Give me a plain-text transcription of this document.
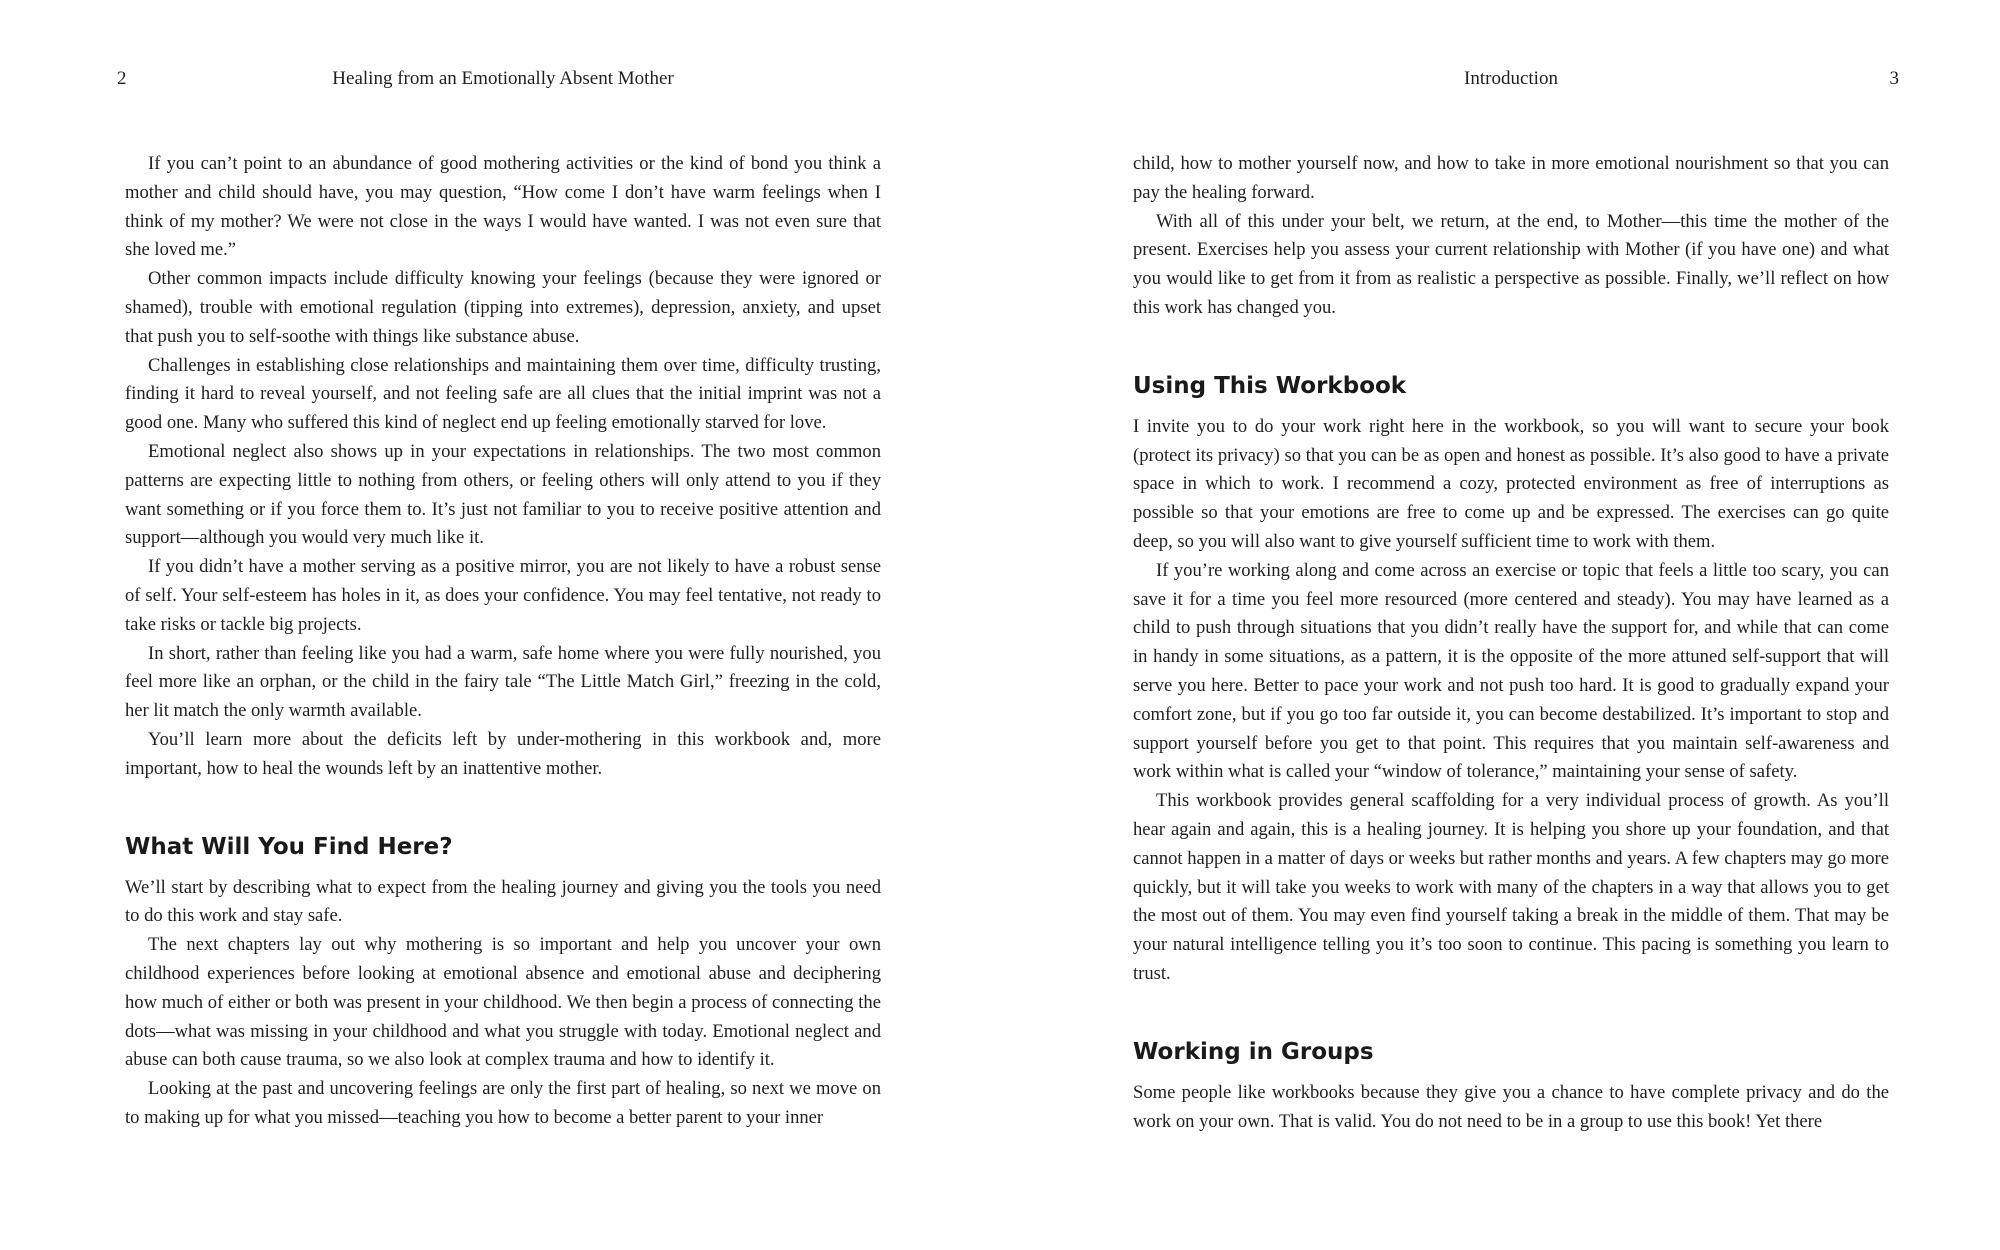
2	Healing from an Emotionally Absent Mother

If you can’t point to an abundance of good mothering activities or the kind of bond you think a mother and child should have, you may question, “How come I don’t have warm feelings when I think of my mother? We were not close in the ways I would have wanted. I was not even sure that she loved me.”

Other common impacts include difficulty knowing your feelings (because they were ignored or shamed), trouble with emotional regulation (tipping into extremes), depression, anxiety, and upset that push you to self-soothe with things like substance abuse.

Challenges in establishing close relationships and maintaining them over time, difficulty trusting, finding it hard to reveal yourself, and not feeling safe are all clues that the initial imprint was not a good one. Many who suffered this kind of neglect end up feeling emotionally starved for love.

Emotional neglect also shows up in your expectations in relationships. The two most common patterns are expecting little to nothing from others, or feeling others will only attend to you if they want something or if you force them to. It’s just not familiar to you to receive positive attention and support—although you would very much like it.

If you didn’t have a mother serving as a positive mirror, you are not likely to have a robust sense of self. Your self-esteem has holes in it, as does your confidence. You may feel tentative, not ready to take risks or tackle big projects.

In short, rather than feeling like you had a warm, safe home where you were fully nourished, you feel more like an orphan, or the child in the fairy tale “The Little Match Girl,” freezing in the cold, her lit match the only warmth available.

You’ll learn more about the deficits left by under-mothering in this workbook and, more important, how to heal the wounds left by an inattentive mother.

What Will You Find Here?

We’ll start by describing what to expect from the healing journey and giving you the tools you need to do this work and stay safe.

The next chapters lay out why mothering is so important and help you uncover your own childhood experiences before looking at emotional absence and emotional abuse and deciphering how much of either or both was present in your childhood. We then begin a process of connecting the dots—what was missing in your childhood and what you struggle with today. Emotional neglect and abuse can both cause trauma, so we also look at complex trauma and how to identify it.

Looking at the past and uncovering feelings are only the first part of healing, so next we move on to making up for what you missed—teaching you how to become a better parent to your inner

Introduction	3

child, how to mother yourself now, and how to take in more emotional nourishment so that you can pay the healing forward.

With all of this under your belt, we return, at the end, to Mother—this time the mother of the present. Exercises help you assess your current relationship with Mother (if you have one) and what you would like to get from it from as realistic a perspective as possible. Finally, we’ll reflect on how this work has changed you.

Using This Workbook

I invite you to do your work right here in the workbook, so you will want to secure your book (protect its privacy) so that you can be as open and honest as possible. It’s also good to have a private space in which to work. I recommend a cozy, protected environment as free of interruptions as possible so that your emotions are free to come up and be expressed. The exercises can go quite deep, so you will also want to give yourself sufficient time to work with them.

If you’re working along and come across an exercise or topic that feels a little too scary, you can save it for a time you feel more resourced (more centered and steady). You may have learned as a child to push through situations that you didn’t really have the support for, and while that can come in handy in some situations, as a pattern, it is the opposite of the more attuned self-support that will serve you here. Better to pace your work and not push too hard. It is good to gradually expand your comfort zone, but if you go too far outside it, you can become destabilized. It’s important to stop and support yourself before you get to that point. This requires that you maintain self-awareness and work within what is called your “window of tolerance,” maintaining your sense of safety.

This workbook provides general scaffolding for a very individual process of growth. As you’ll hear again and again, this is a healing journey. It is helping you shore up your foundation, and that cannot happen in a matter of days or weeks but rather months and years. A few chapters may go more quickly, but it will take you weeks to work with many of the chapters in a way that allows you to get the most out of them. You may even find yourself taking a break in the middle of them. That may be your natural intelligence telling you it’s too soon to continue. This pacing is something you learn to trust.

Working in Groups

Some people like workbooks because they give you a chance to have complete privacy and do the work on your own. That is valid. You do not need to be in a group to use this book! Yet there
